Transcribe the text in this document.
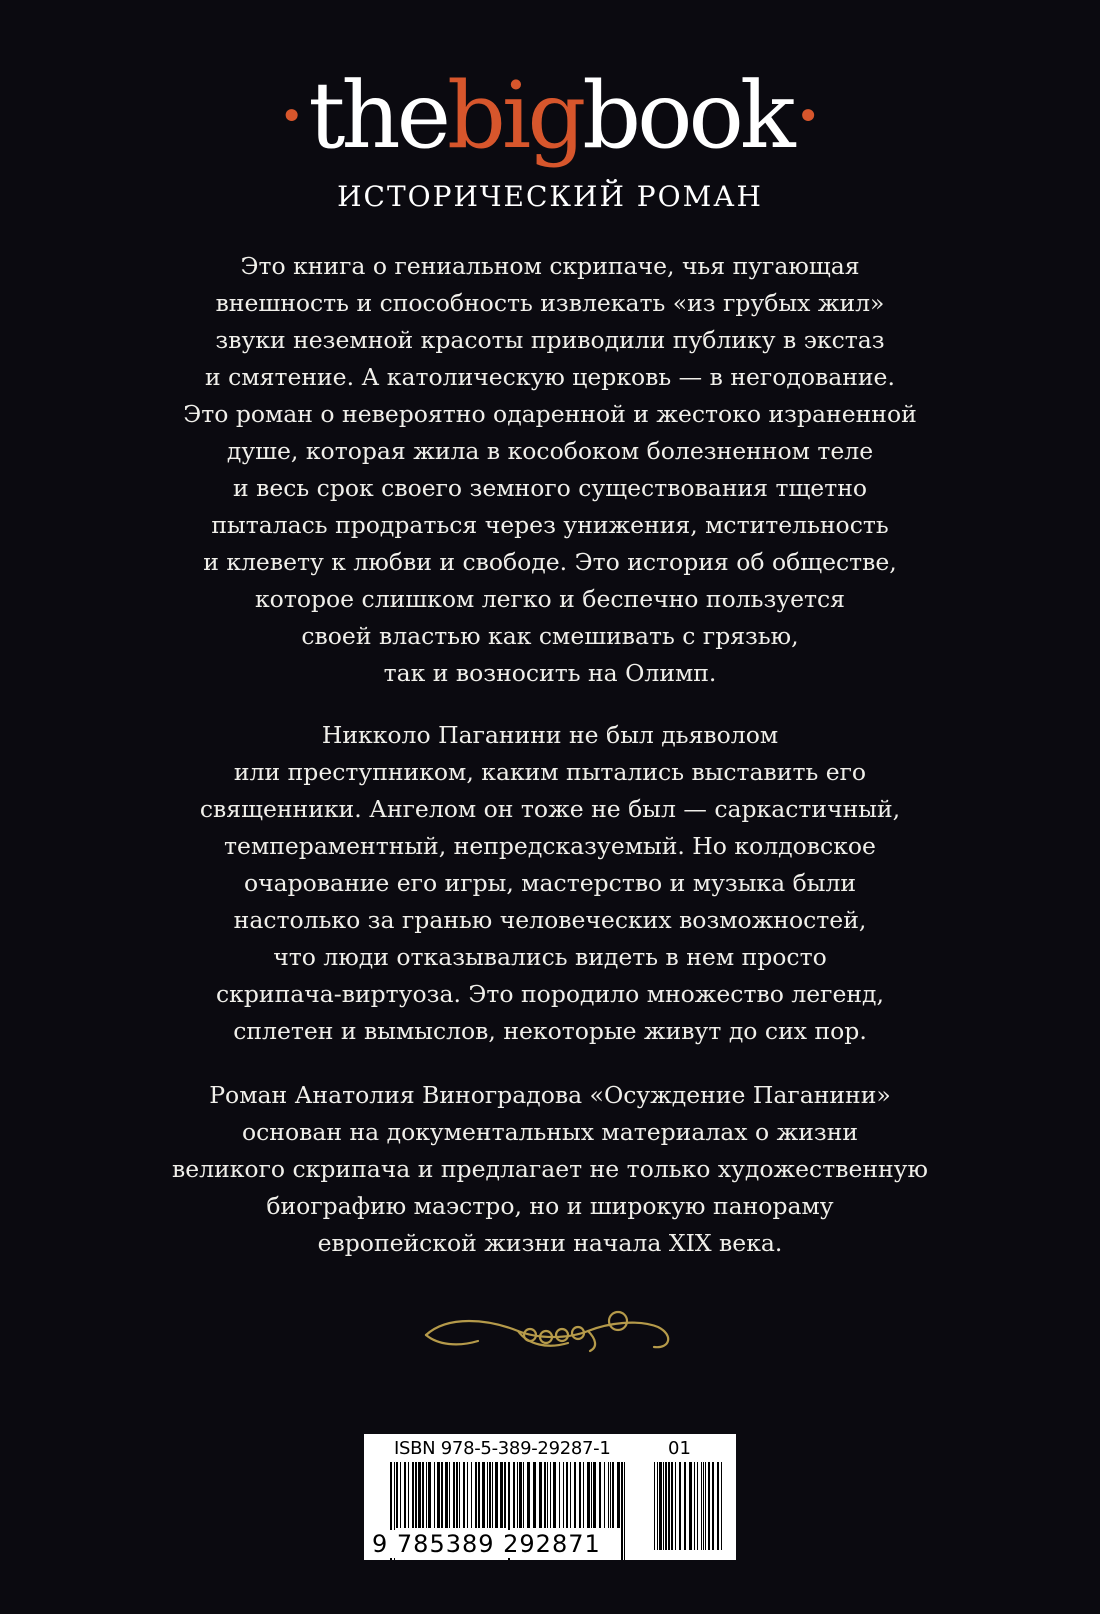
·thebigbook·
ИСТОРИЧЕСКИЙ РОМАН
Это книга о гениальном скрипаче, чья пугающая
внешность и способность извлекать «из грубых жил»
звуки неземной красоты приводили публику в экстаз
и смятение. А католическую церковь — в негодование.
Это роман о невероятно одаренной и жестоко израненной
душе, которая жила в кособоком болезненном теле
и весь срок своего земного существования тщетно
пыталась продраться через унижения, мстительность
и клевету к любви и свободе. Это история об обществе,
которое слишком легко и беспечно пользуется
своей властью как смешивать с грязью,
так и возносить на Олимп.
Никколо Паганини не был дьяволом
или преступником, каким пытались выставить его
священники. Ангелом он тоже не был — саркастичный,
темпераментный, непредсказуемый. Но колдовское
очарование его игры, мастерство и музыка были
настолько за гранью человеческих возможностей,
что люди отказывались видеть в нем просто
скрипача-виртуоза. Это породило множество легенд,
сплетен и вымыслов, некоторые живут до сих пор.
Роман Анатолия Виноградова «Осуждение Паганини»
основан на документальных материалах о жизни
великого скрипача и предлагает не только художественную
биографию маэстро, но и широкую панораму
европейской жизни начала XIX века.
ISBN 978-5-389-29287-1	01
9 785389 292871
